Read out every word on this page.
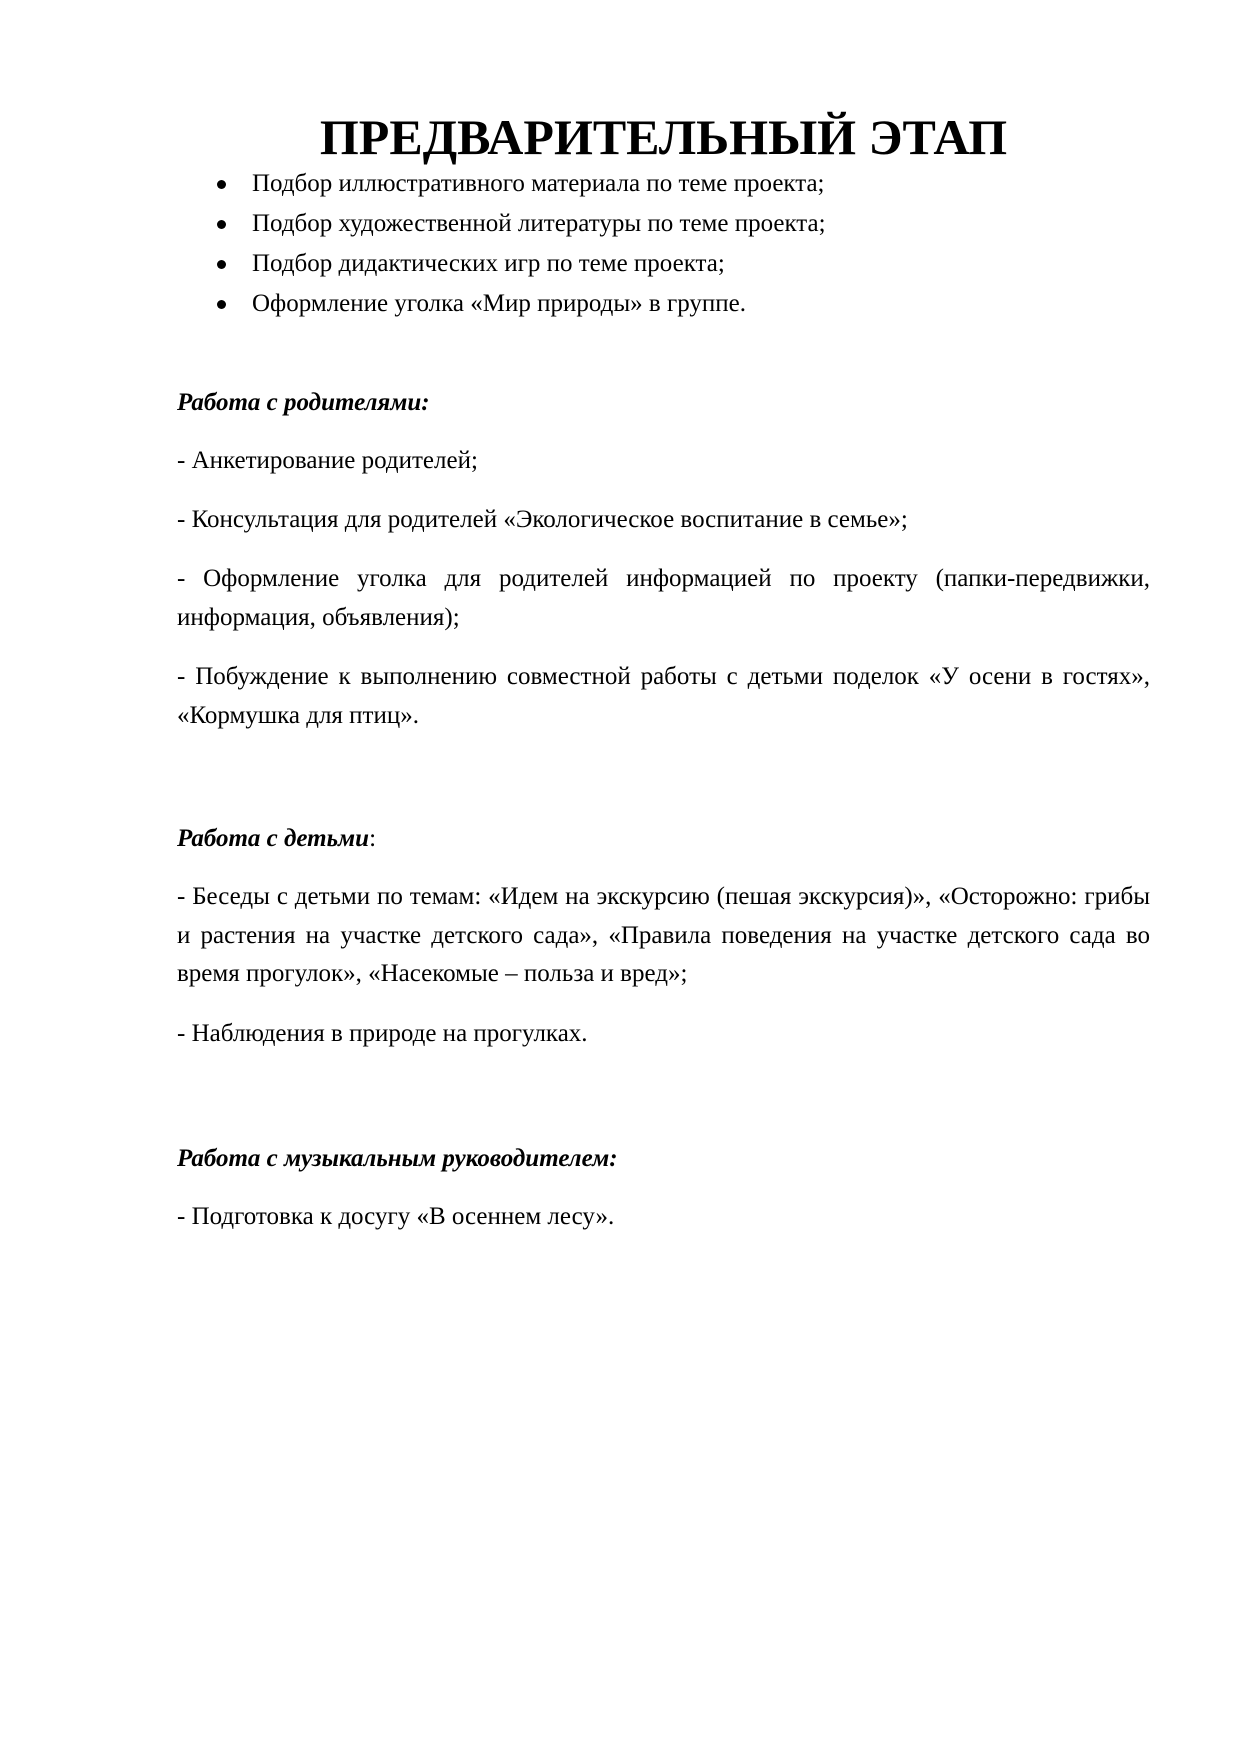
ПРЕДВАРИТЕЛЬНЫЙ ЭТАП
Подбор иллюстративного материала по теме проекта;
Подбор художественной литературы по теме проекта;
Подбор дидактических игр по теме проекта;
Оформление уголка «Мир природы» в группе.

Работа с родителями:

- Анкетирование родителей;

- Консультация для родителей «Экологическое воспитание в семье»;

- Оформление уголка для родителей информацией по проекту (папки-передвижки, информация, объявления);

- Побуждение к выполнению совместной работы с детьми поделок «У осени в гостях», «Кормушка для птиц».

Работа с детьми:

- Беседы с детьми по темам: «Идем на экскурсию (пешая экскурсия)», «Осторожно: грибы и растения на участке детского сада», «Правила поведения на участке детского сада во время прогулок», «Насекомые – польза и вред»;

- Наблюдения в природе на прогулках.

Работа с музыкальным руководителем:

- Подготовка к досугу «В осеннем лесу».
